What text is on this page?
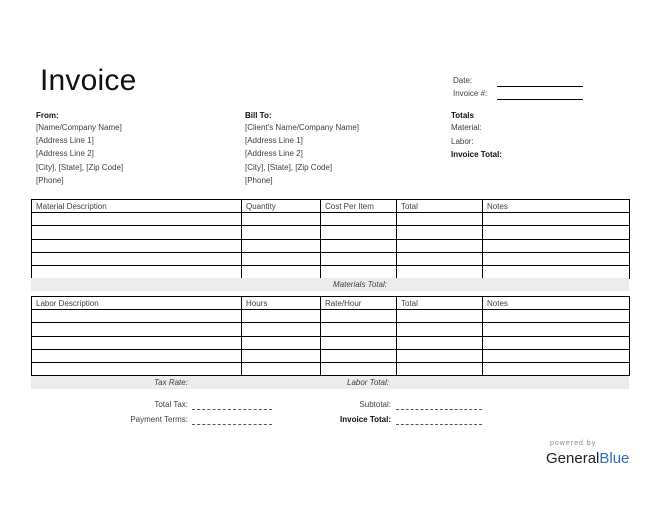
Invoice	Date:
Invoice #:
From:
[Name/Company Name]
[Address Line 1]
[Address Line 2]
[City], [State], [Zip Code]
[Phone]
Bill To:
[Client's Name/Company Name]
[Address Line 1]
[Address Line 2]
[City], [State], [Zip Code]
[Phone]
Totals
Material:
Labor:
Invoice Total:
Material Description	Quantity	Cost Per Item	Total	Notes

Materials Total:
Labor Description	Hours	Rate/Hour	Total	Notes

Tax Rate:	Labor Total:
Total Tax:
Payment Terms:
Subtotal:
Invoice Total:
powered by
GeneralBlue
